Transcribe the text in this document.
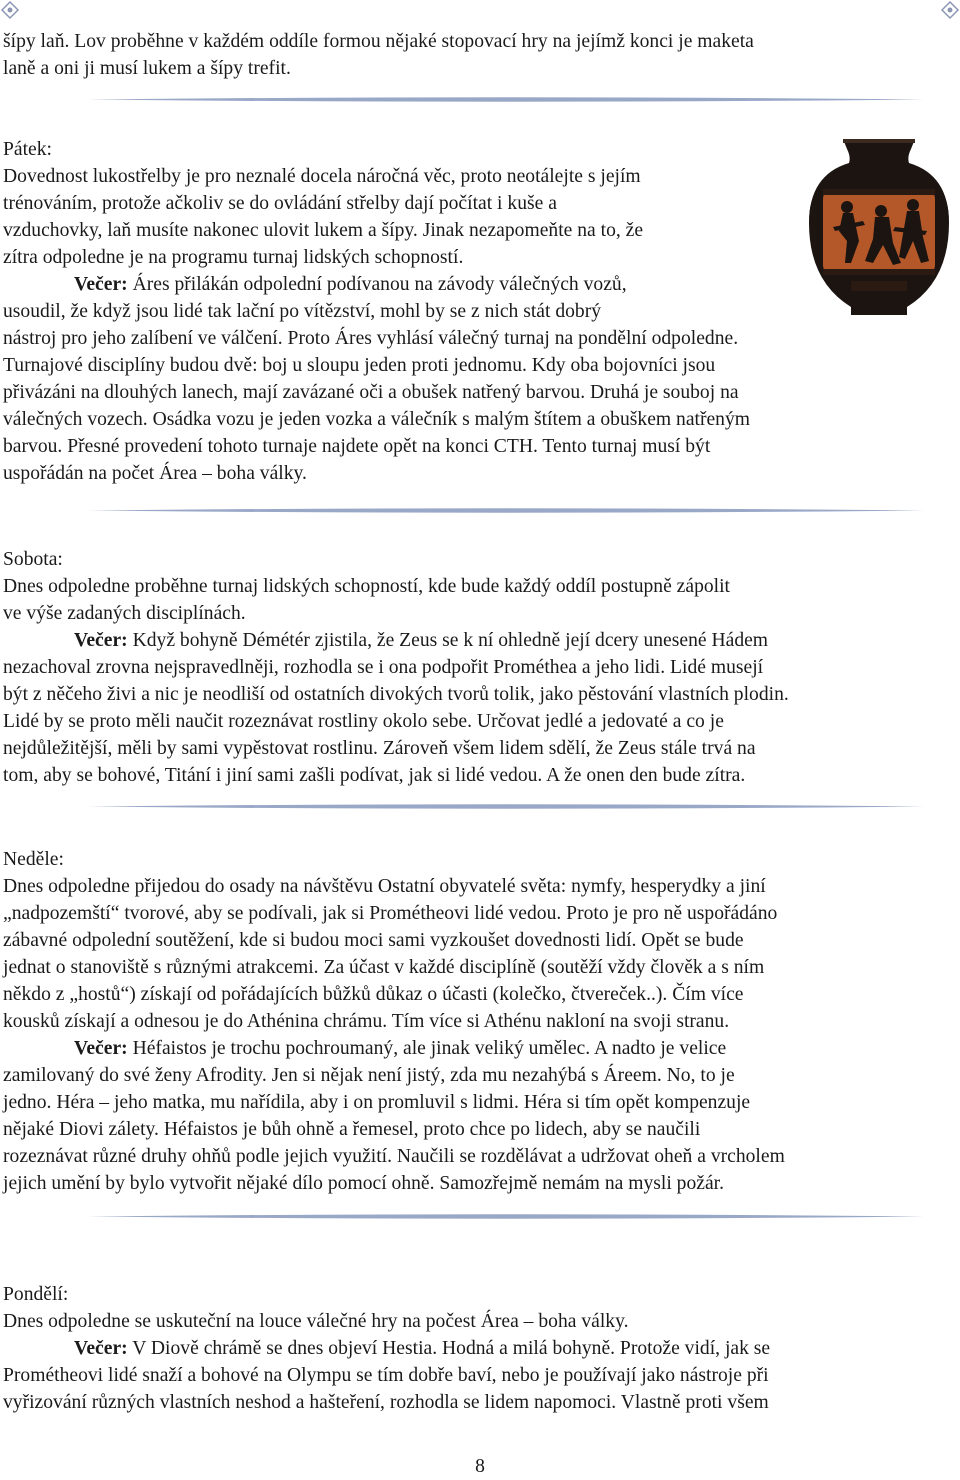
šípy laň. Lov proběhne v každém oddíle formou nějaké stopovací hry na jejímž konci je maketa
laně a oni ji musí lukem a šípy trefit.
Pátek:
Dovednost lukostřelby je pro neznalé docela náročná věc, proto neotálejte s jejím
trénováním, protože ačkoliv se do ovládání střelby dají počítat i kuše a
vzduchovky, laň musíte nakonec ulovit lukem a šípy. Jinak nezapomeňte na to, že
zítra odpoledne je na programu turnaj lidských schopností.
Večer: Áres přilákán odpolední podívanou na závody válečných vozů,
usoudil, že když jsou lidé tak lační po vítězství, mohl by se z nich stát dobrý
nástroj pro jeho zalíbení ve válčení. Proto Áres vyhlásí válečný turnaj na pondělní odpoledne.
Turnajové disciplíny budou dvě: boj u sloupu jeden proti jednomu. Kdy oba bojovníci jsou
přivázáni na dlouhých lanech, mají zavázané oči a obušek natřený barvou. Druhá je souboj na
válečných vozech. Osádka vozu je jeden vozka a válečník s malým štítem a obuškem natřeným
barvou. Přesné provedení tohoto turnaje najdete opět na konci CTH. Tento turnaj musí být
uspořádán na počet Área – boha války.
Sobota:
Dnes odpoledne proběhne turnaj lidských schopností, kde bude každý oddíl postupně zápolit
ve výše zadaných disciplínách.
Večer: Když bohyně Démétér zjistila, že Zeus se k ní ohledně její dcery unesené Hádem
nezachoval zrovna nejspravedlněji, rozhodla se i ona podpořit Prométhea a jeho lidi. Lidé musejí
být z něčeho živi a nic je neodliší od ostatních divokých tvorů tolik, jako pěstování vlastních plodin.
Lidé by se proto měli naučit rozeznávat rostliny okolo sebe. Určovat jedlé a jedovaté a co je
nejdůležitější, měli by sami vypěstovat rostlinu. Zároveň všem lidem sdělí, že Zeus stále trvá na
tom, aby se bohové, Titání i jiní sami zašli podívat, jak si lidé vedou. A že onen den bude zítra.
Neděle:
Dnes odpoledne přijedou do osady na návštěvu Ostatní obyvatelé světa: nymfy, hesperydky a jiní
„nadpozemští“ tvorové, aby se podívali, jak si Prométheovi lidé vedou. Proto je pro ně uspořádáno
zábavné odpolední soutěžení, kde si budou moci sami vyzkoušet dovednosti lidí. Opět se bude
jednat o stanoviště s různými atrakcemi. Za účast v každé disciplíně (soutěží vždy člověk a s ním
někdo z „hostů“) získají od pořádajících bůžků důkaz o účasti (kolečko, čtvereček..). Čím více
kousků získají a odnesou je do Athénina chrámu. Tím více si Athénu nakloní na svoji stranu.
Večer: Héfaistos je trochu pochroumaný, ale jinak veliký umělec. A nadto je velice
zamilovaný do své ženy Afrodity. Jen si nějak není jistý, zda mu nezahýbá s Áreem. No, to je
jedno. Héra – jeho matka, mu nařídila, aby i on promluvil s lidmi. Héra si tím opět kompenzuje
nějaké Diovi zálety. Héfaistos je bůh ohně a řemesel, proto chce po lidech, aby se naučili
rozeznávat různé druhy ohňů podle jejich využití. Naučili se rozdělávat a udržovat oheň a vrcholem
jejich umění by bylo vytvořit nějaké dílo pomocí ohně. Samozřejmě nemám na mysli požár.
Pondělí:
Dnes odpoledne se uskuteční na louce válečné hry na počest Área – boha války.
Večer: V Diově chrámě se dnes objeví Hestia. Hodná a milá bohyně. Protože vidí, jak se
Prométheovi lidé snaží a bohové na Olympu se tím dobře baví, nebo je používají jako nástroje při
vyřizování různých vlastních neshod a hašteření, rozhodla se lidem napomoci. Vlastně proti všem
8
